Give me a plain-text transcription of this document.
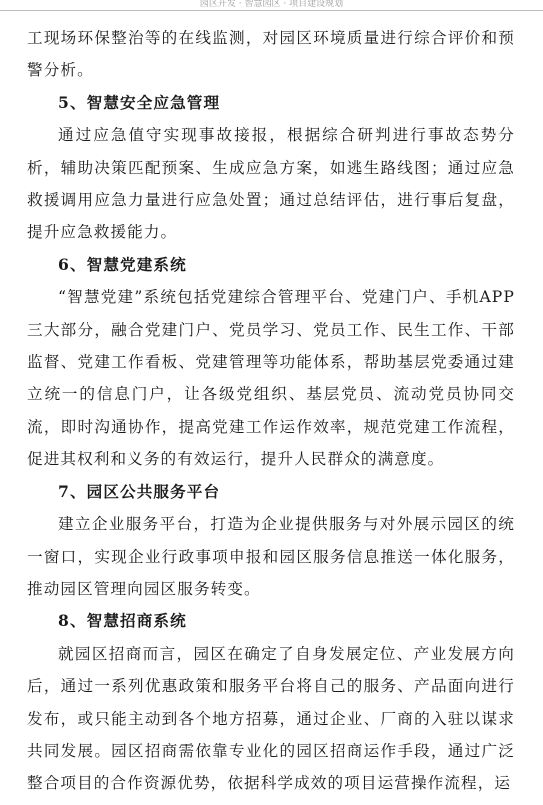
园区开发 · 智慧园区 · 项目建设规划

工现场环保整治等的在线监测，对园区环境质量进行综合评价和预警分析。

5、智慧安全应急管理

通过应急值守实现事故接报，根据综合研判进行事故态势分析，辅助决策匹配预案、生成应急方案，如逃生路线图；通过应急救援调用应急力量进行应急处置；通过总结评估，进行事后复盘，提升应急救援能力。

6、智慧党建系统

“智慧党建”系统包括党建综合管理平台、党建门户、手机APP三大部分，融合党建门户、党员学习、党员工作、民生工作、干部监督、党建工作看板、党建管理等功能体系，帮助基层党委通过建立统一的信息门户，让各级党组织、基层党员、流动党员协同交流，即时沟通协作，提高党建工作运作效率，规范党建工作流程，促进其权利和义务的有效运行，提升人民群众的满意度。

7、园区公共服务平台

建立企业服务平台，打造为企业提供服务与对外展示园区的统一窗口，实现企业行政事项申报和园区服务信息推送一体化服务，推动园区管理向园区服务转变。

8、智慧招商系统

就园区招商而言，园区在确定了自身发展定位、产业发展方向后，通过一系列优惠政策和服务平台将自己的服务、产品面向进行发布，或只能主动到各个地方招募，通过企业、厂商的入驻以谋求共同发展。园区招商需依靠专业化的园区招商运作手段，通过广泛整合项目的合作资源优势，依据科学成效的项目运营操作流程，运
